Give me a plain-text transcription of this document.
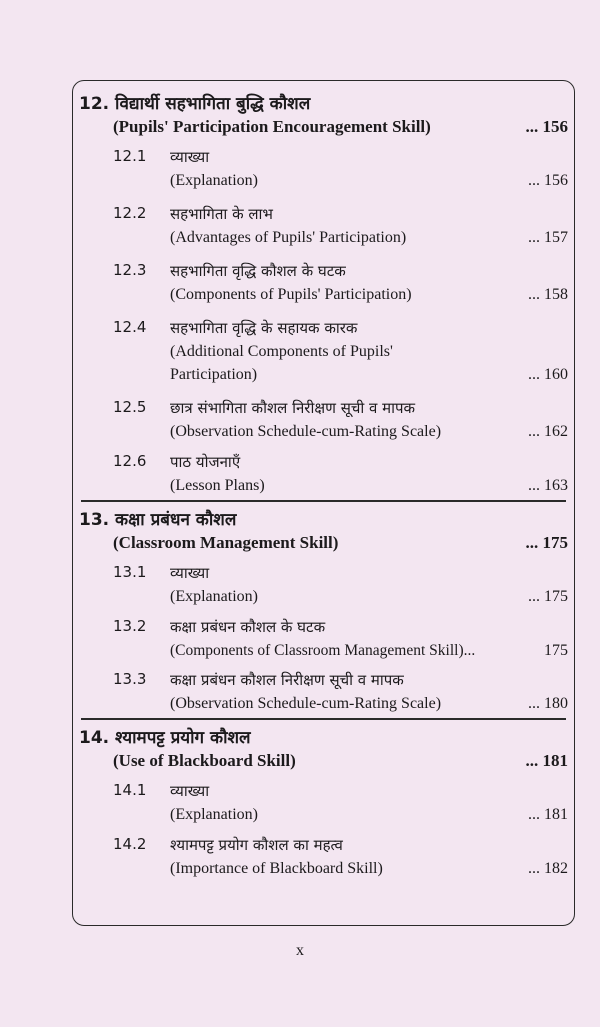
12. विद्यार्थी सहभागिता बुद्धि कौशल
(Pupils' Participation Encouragement Skill)	... 156
12.1 व्याख्या
(Explanation)	... 156
12.2 सहभागिता के लाभ
(Advantages of Pupils' Participation)	... 157
12.3 सहभागिता वृद्धि कौशल के घटक
(Components of Pupils' Participation)	... 158
12.4 सहभागिता वृद्धि के सहायक कारक
(Additional Components of Pupils'
Participation)	... 160
12.5 छात्र संभागिता कौशल निरीक्षण सूची व मापक
(Observation Schedule-cum-Rating Scale)	... 162
12.6 पाठ योजनाएँ
(Lesson Plans)	... 163
13. कक्षा प्रबंधन कौशल
(Classroom Management Skill)	... 175
13.1 व्याख्या
(Explanation)	... 175
13.2 कक्षा प्रबंधन कौशल के घटक
(Components of Classroom Management Skill)...	175
13.3 कक्षा प्रबंधन कौशल निरीक्षण सूची व मापक
(Observation Schedule-cum-Rating Scale)	... 180
14. श्यामपट्ट प्रयोग कौशल
(Use of Blackboard Skill)	... 181
14.1 व्याख्या
(Explanation)	... 181
14.2 श्यामपट्ट प्रयोग कौशल का महत्व
(Importance of Blackboard Skill)	... 182
x
